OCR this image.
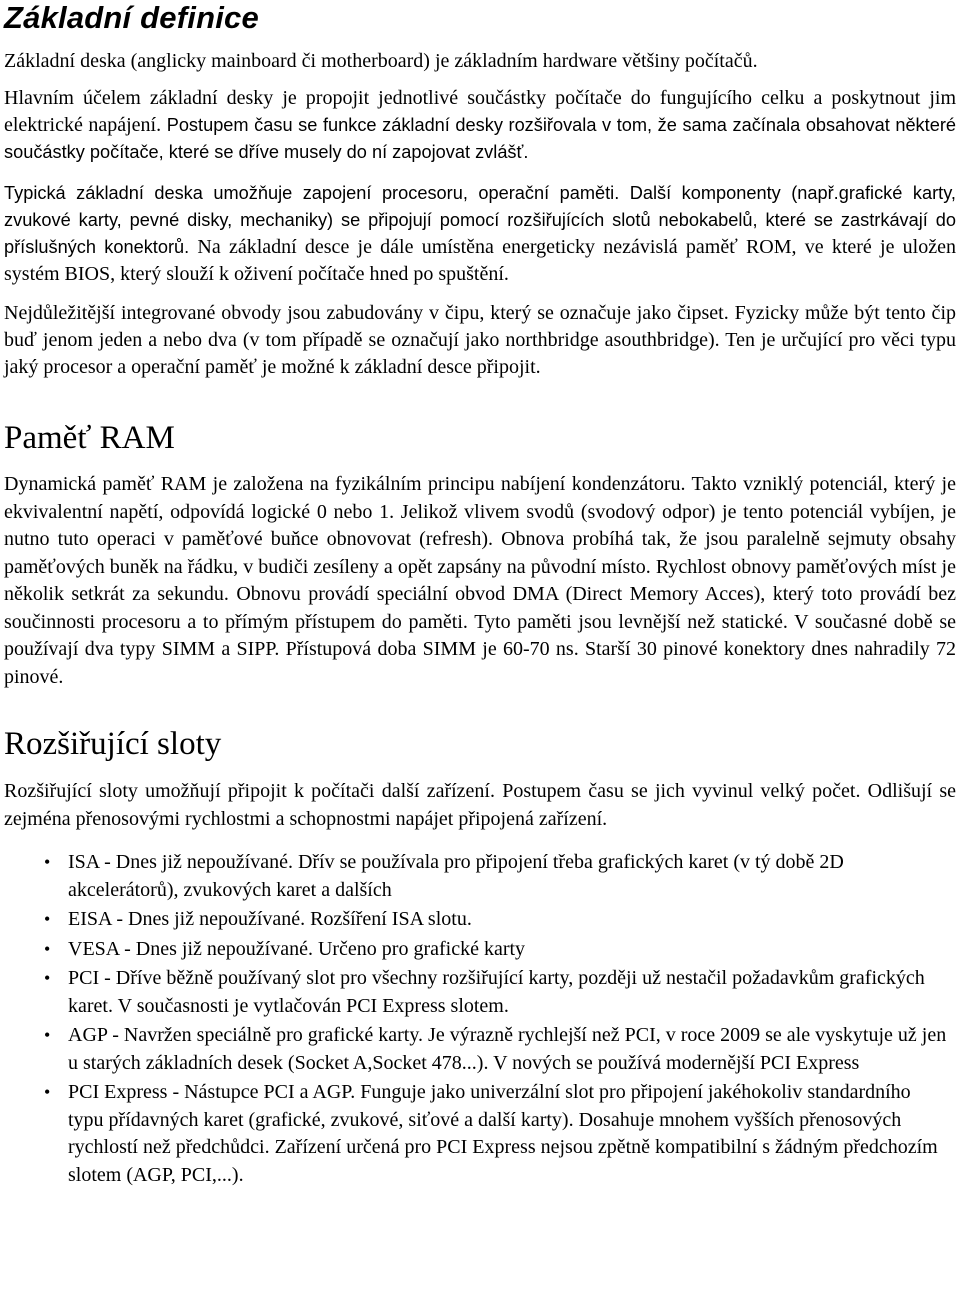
Základní definice

Základní deska (anglicky mainboard či motherboard) je základním hardware většiny počítačů.

Hlavním účelem základní desky je propojit jednotlivé součástky počítače do fungujícího celku a poskytnout jim elektrické napájení. Postupem času se funkce základní desky rozšiřovala v tom, že sama začínala obsahovat některé součástky počítače, které se dříve musely do ní zapojovat zvlášť.

Typická základní deska umožňuje zapojení procesoru, operační paměti. Další komponenty (např.grafické karty, zvukové karty, pevné disky, mechaniky) se připojují pomocí rozšiřujících slotů nebokabelů, které se zastrkávají do příslušných konektorů. Na základní desce je dále umístěna energeticky nezávislá paměť ROM, ve které je uložen systém BIOS, který slouží k oživení počítače hned po spuštění.

Nejdůležitější integrované obvody jsou zabudovány v čipu, který se označuje jako čipset. Fyzicky může být tento čip buď jenom jeden a nebo dva (v tom případě se označují jako northbridge asouthbridge). Ten je určující pro věci typu jaký procesor a operační paměť je možné k základní desce připojit.

Paměť RAM

Dynamická paměť RAM je založena na fyzikálním principu nabíjení kondenzátoru. Takto vzniklý potenciál, který je ekvivalentní napětí, odpovídá logické 0 nebo 1. Jelikož vlivem svodů (svodový odpor) je tento potenciál vybíjen, je nutno tuto operaci v paměťové buňce obnovovat (refresh). Obnova probíhá tak, že jsou paralelně sejmuty obsahy paměťových buněk na řádku, v budiči zesíleny a opět zapsány na původní místo. Rychlost obnovy paměťových míst je několik setkrát za sekundu. Obnovu provádí speciální obvod DMA (Direct Memory Acces), který toto provádí bez součinnosti procesoru a to přímým přístupem do paměti. Tyto paměti jsou levnější než statické. V současné době se používají dva typy SIMM a SIPP. Přístupová doba SIMM je 60-70 ns. Starší 30 pinové konektory dnes nahradily 72 pinové.

Rozšiřující sloty

Rozšiřující sloty umožňují připojit k počítači další zařízení. Postupem času se jich vyvinul velký počet. Odlišují se zejména přenosovými rychlostmi a schopnostmi napájet připojená zařízení.

• ISA - Dnes již nepoužívané. Dřív se používala pro připojení třeba grafických karet (v tý době 2D akcelerátorů), zvukových karet a dalších
• EISA - Dnes již nepoužívané. Rozšíření ISA slotu.
• VESA - Dnes již nepoužívané. Určeno pro grafické karty
• PCI - Dříve běžně používaný slot pro všechny rozšiřující karty, později už nestačil požadavkům grafických karet. V současnosti je vytlačován PCI Express slotem.
• AGP - Navržen speciálně pro grafické karty. Je výrazně rychlejší než PCI, v roce 2009 se ale vyskytuje už jen u starých základních desek (Socket A,Socket 478...). V nových se používá modernější PCI Express
• PCI Express - Nástupce PCI a AGP. Funguje jako univerzální slot pro připojení jakéhokoliv standardního typu přídavných karet (grafické, zvukové, siťové a další karty). Dosahuje mnohem vyšších přenosových rychlostí než předchůdci. Zařízení určená pro PCI Express nejsou zpětně kompatibilní s žádným předchozím slotem (AGP, PCI,...).
